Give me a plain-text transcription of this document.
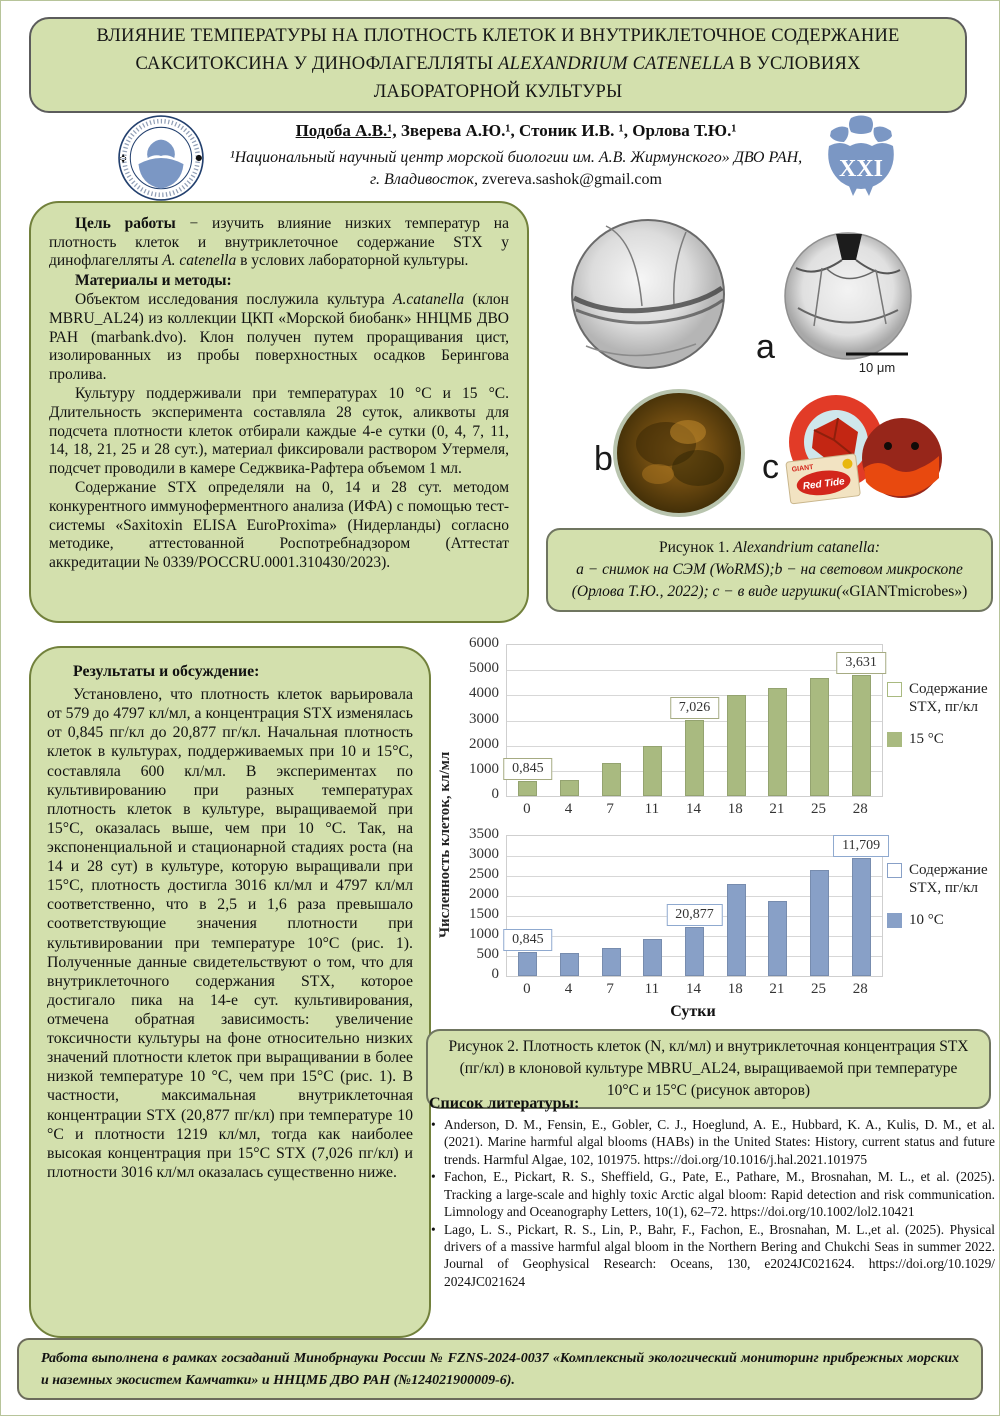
ВЛИЯНИЕ ТЕМПЕРАТУРЫ НА ПЛОТНОСТЬ КЛЕТОК И ВНУТРИКЛЕТОЧНОЕ СОДЕРЖАНИЕ САКСИТОКСИНА У ДИНОФЛАГЕЛЛЯТЫ ALEXANDRIUM CATENELLA В УСЛОВИЯХ ЛАБОРАТОРНОЙ КУЛЬТУРЫ
Подоба А.В.¹, Зверева А.Ю.¹, Стоник И.В. ¹, Орлова Т.Ю.¹
¹Национальный научный центр морской биологии им. А.В. Жирмунского» ДВО РАН, г. Владивосток, zvereva.sashok@gmail.com	XXI

Цель работы − изучить влияние низких температур на плотность клеток и внутриклеточное содержание STX у динофлагелляты A. catenella в услових лабораторной культуры.

Материалы и методы:

Объектом исследования послужила культура A.catanella (клон MBRU_AL24) из коллекции ЦКП «Морской биобанк» ННЦМБ ДВО РАН (marbank.dvo). Клон получен путем проращивания цист, изолированных из пробы поверхностных осадков Берингова пролива.

Культуру поддерживали при температурах 10 °С и 15 °С. Длительность эксперимента составляла 28 суток, аликвоты для подсчета плотности клеток отбирали каждые 4-е сутки (0, 4, 7, 11, 14, 18, 21, 25 и 28 сут.), материал фиксировали раствором Утермеля, подсчет проводили в камере Седжвика-Рафтера объемом 1 мл.

Содержание STX определяли на 0, 14 и 28 сут. методом конкурентного иммуноферментного анализа (ИФА) с помощью тест-системы «Saxitoxin ELISA EuroProxima» (Нидерланды) согласно методике, аттестованной Роспотребнадзором (Аттестат аккредитации № 0339/РОССRU.0001.310430/2023).

a
10 μm
b
Red Tide
GIANT
c
Рисунок 1. Alexandrium catanella:
a − снимок на СЭМ (WoRMS);b − на световом микроскопе (Орлова Т.Ю., 2022); c − в виде игрушки(«GIANTmicrobes»)

Результаты и обсуждение:

Установлено, что плотность клеток варьировала от 579 до 4797 кл/мл, а концентрация STX изменялась от 0,845 пг/кл до 20,877 пг/кл. Начальная плотность клеток в культурах, поддерживаемых при 10 и 15°С, составляла 600 кл/мл. В экспериментах по культивированию при разных температурах плотность клеток в культуре, выращиваемой при 15°С, оказалась выше, чем при 10 °С. Так, на экспоненциальной и стационарной стадиях роста (на 14 и 28 сут) в культуре, которую выращивали при 15°С, плотность достигла 3016 кл/мл и 4797 кл/мл соответственно, что в 2,5 и 1,6 раза превышало соответствующие значения плотности при культивировании при температуре 10°С (рис. 1). Полученные данные свидетельствуют о том, что для внутриклеточного содержания STX, которое достигало пика на 14-е сут. культивирования, отмечена обратная зависимость: увеличение токсичности культуры на фоне относительно низких значений плотности клеток при выращивании в более низкой температуре 10 °С, чем при 15°С (рис. 1). В частности, максимальная внутриклеточная концентрации STX (20,877 пг/кл) при температуре 10 °С и плотности 1219 кл/мл, тогда как наиболее высокая концентрация при 15°С STX (7,026 пг/кл) и плотности 3016 кл/мл оказалась существенно ниже.

Численность клеток, кл/мл	0
1000
2000
3000
4000
5000
6000
0,845
7,026
3,631
0	4	7	11	14	18	21	25	28
Содержание STX, пг/кл
15 °C
0
500
1000
1500
2000
2500
3000
3500
0,845
20,877
11,709
0	4	7	11	14	18	21	25	28
Содержание STX, пг/кл
10 °C
Сутки
Рисунок 2. Плотность клеток (N, кл/мл) и внутриклеточная концентрация STX (пг/кл) в клоновой культуре MBRU_AL24, выращиваемой при температуре 10°С и 15°С (рисунок авторов)
Список литературы:
• Anderson, D. M., Fensin, E., Gobler, C. J., Hoeglund, A. E., Hubbard, K. A., Kulis, D. M., et al. (2021). Marine harmful algal blooms (HABs) in the United States: History, current status and future trends. Harmful Algae, 102, 101975. https://doi.org/10.1016/j.hal.2021.101975
• Fachon, E., Pickart, R. S., Sheffield, G., Pate, E., Pathare, M., Brosnahan, M. L., et al. (2025). Tracking a large-scale and highly toxic Arctic algal bloom: Rapid detection and risk communication. Limnology and Oceanography Letters, 10(1), 62–72. https://doi.org/10.1002/lol2.10421
• Lago, L. S., Pickart, R. S., Lin, P., Bahr, F., Fachon, E., Brosnahan, M. L.,et al. (2025). Physical drivers of a massive harmful algal bloom in the Northern Bering and Chukchi Seas in summer 2022. Journal of Geophysical Research: Oceans, 130, e2024JC021624. https://doi.org/10.1029/ 2024JC021624
Работа выполнена в рамках госзаданий Минобрнауки России № FZNS-2024-0037 «Комплексный экологический мониторинг прибрежных морских и наземных экосистем Камчатки» и ННЦМБ ДВО РАН (№124021900009-6).
